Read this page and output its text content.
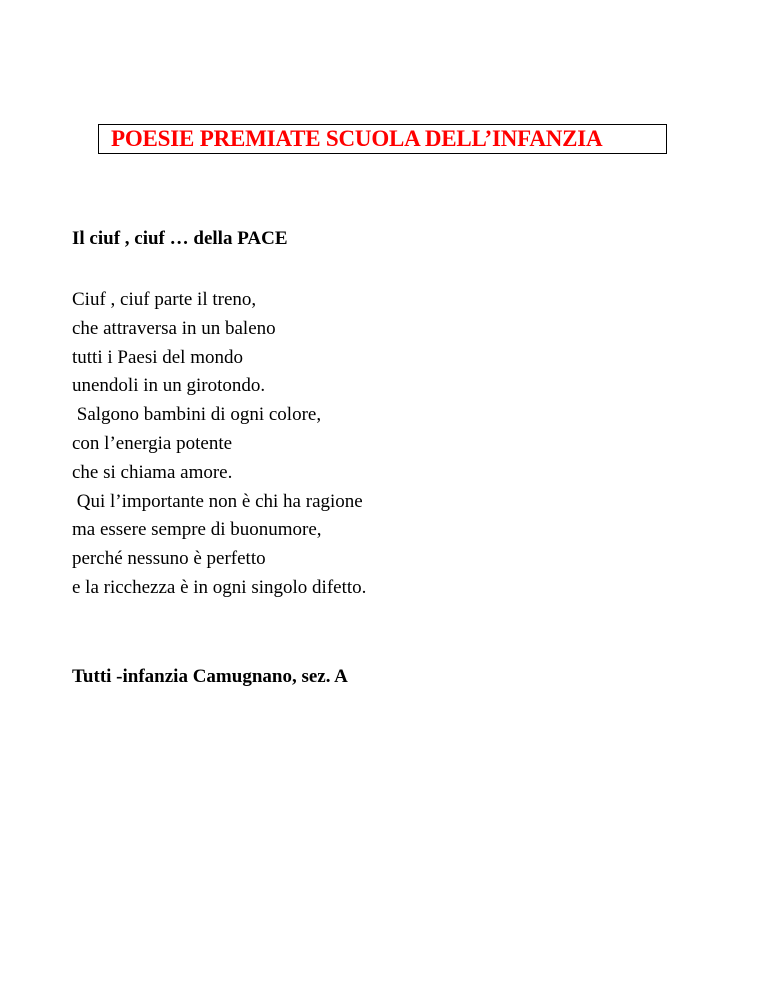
POESIE PREMIATE SCUOLA DELL’INFANZIA
Il ciuf , ciuf … della PACE
Ciuf , ciuf parte il treno,
che attraversa in un baleno
tutti i Paesi del mondo
unendoli in un girotondo.
Salgono bambini di ogni colore,
con l’energia potente
che si chiama amore.
Qui l’importante non è chi ha ragione
ma essere sempre di buonumore,
perché nessuno è perfetto
e la ricchezza è in ogni singolo difetto.
Tutti -infanzia Camugnano, sez. A
